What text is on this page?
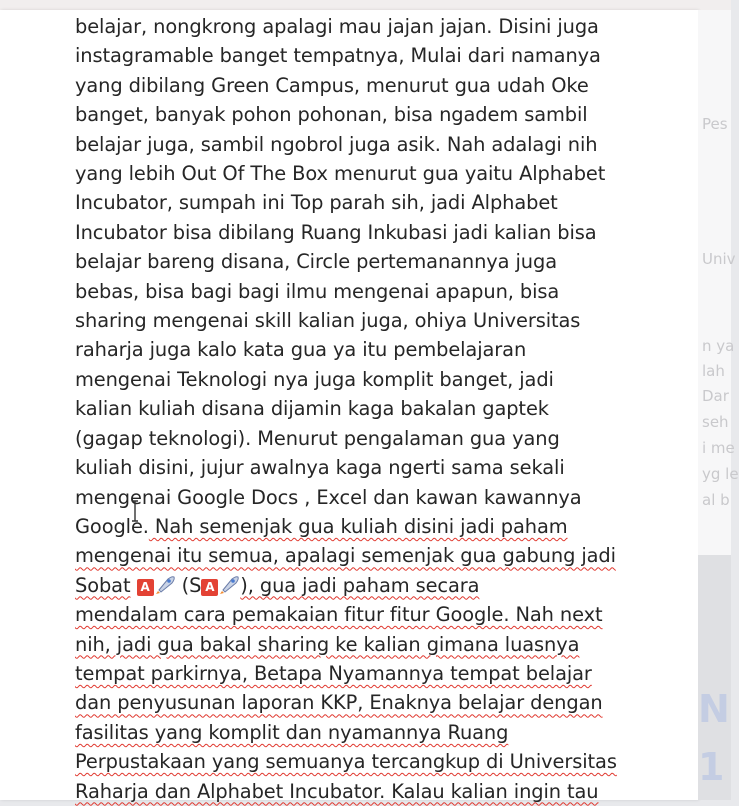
belajar, nongkrong apalagi mau jajan jajan. Disini juga
instagramable banget tempatnya, Mulai dari namanya
yang dibilang Green Campus, menurut gua udah Oke
banget, banyak pohon pohonan, bisa ngadem sambil
belajar juga, sambil ngobrol juga asik. Nah adalagi nih
yang lebih Out Of The Box menurut gua yaitu Alphabet
Incubator, sumpah ini Top parah sih, jadi Alphabet
Incubator bisa dibilang Ruang Inkubasi jadi kalian bisa
belajar bareng disana, Circle pertemanannya juga
bebas, bisa bagi bagi ilmu mengenai apapun, bisa
sharing mengenai skill kalian juga, ohiya Universitas
raharja juga kalo kata gua ya itu pembelajaran
mengenai Teknologi nya juga komplit banget, jadi
kalian kuliah disana dijamin kaga bakalan gaptek
(gagap teknologi). Menurut pengalaman gua yang
kuliah disini, jujur awalnya kaga ngerti sama sekali
mengenai Google Docs , Excel dan kawan kawannya
Google. Nah semenjak gua kuliah disini jadi paham
mengenai itu semua, apalagi semenjak gua gabung jadi
Sobat A (S A ), gua jadi paham secara
mendalam cara pemakaian fitur fitur Google. Nah next
nih, jadi gua bakal sharing ke kalian gimana luasnya
tempat parkirnya, Betapa Nyamannya tempat belajar
dan penyusunan laporan KKP, Enaknya belajar dengan
fasilitas yang komplit dan nyamannya Ruang
Perpustakaan yang semuanya tercangkup di Universitas
Raharja dan Alphabet Incubator. Kalau kalian ingin tau
Pes
Univ
n ya
lah
Dar
seh
i me
yg le
al b
N
1
